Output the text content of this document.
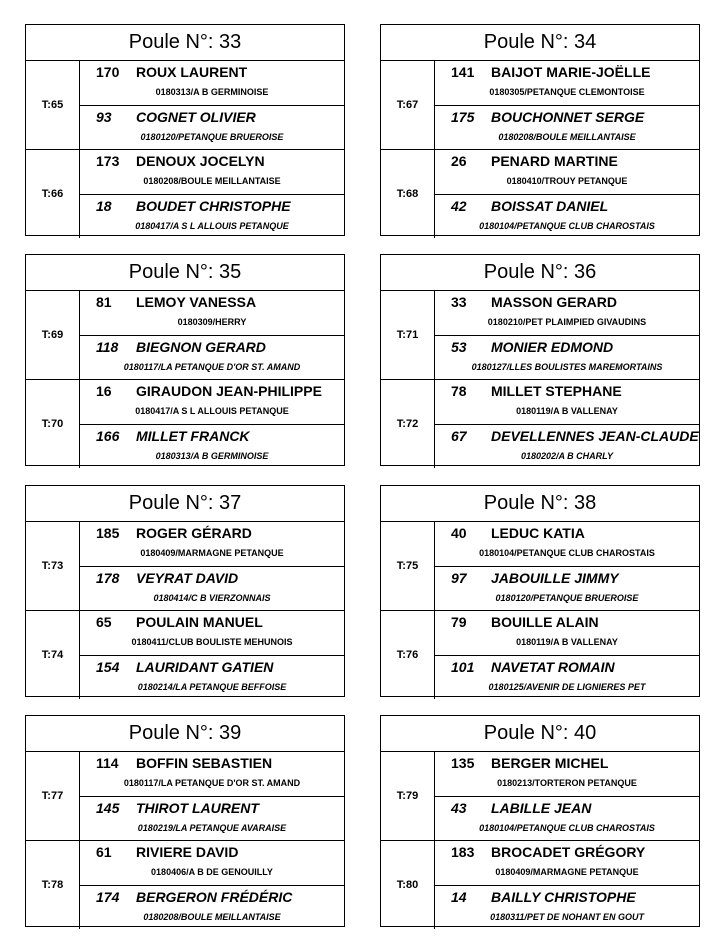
Poule N°: 33
T:65
170 ROUX LAURENT
0180313/A B GERMINOISE
93 COGNET OLIVIER
0180120/PETANQUE BRUEROISE
T:66
173 DENOUX JOCELYN
0180208/BOULE MEILLANTAISE
18 BOUDET CHRISTOPHE
0180417/A S L ALLOUIS PETANQUE
Poule N°: 34
T:67
141 BAIJOT MARIE-JOËLLE
0180305/PETANQUE CLEMONTOISE
175 BOUCHONNET SERGE
0180208/BOULE MEILLANTAISE
T:68
26 PENARD MARTINE
0180410/TROUY PETANQUE
42 BOISSAT DANIEL
0180104/PETANQUE CLUB CHAROSTAIS
Poule N°: 35
T:69
81 LEMOY VANESSA
0180309/HERRY
118 BIEGNON GERARD
0180117/LA PETANQUE D'OR ST. AMAND
T:70
16 GIRAUDON JEAN-PHILIPPE
0180417/A S L ALLOUIS PETANQUE
166 MILLET FRANCK
0180313/A B GERMINOISE
Poule N°: 36
T:71
33 MASSON GERARD
0180210/PET PLAIMPIED GIVAUDINS
53 MONIER EDMOND
0180127/LLES BOULISTES MAREMORTAINS
T:72
78 MILLET STEPHANE
0180119/A B VALLENAY
67 DEVELLENNES JEAN-CLAUDE
0180202/A B CHARLY
Poule N°: 37
T:73
185 ROGER GÉRARD
0180409/MARMAGNE PETANQUE
178 VEYRAT DAVID
0180414/C B VIERZONNAIS
T:74
65 POULAIN MANUEL
0180411/CLUB BOULISTE MEHUNOIS
154 LAURIDANT GATIEN
0180214/LA PETANQUE BEFFOISE
Poule N°: 38
T:75
40 LEDUC KATIA
0180104/PETANQUE CLUB CHAROSTAIS
97 JABOUILLE JIMMY
0180120/PETANQUE BRUEROISE
T:76
79 BOUILLE ALAIN
0180119/A B VALLENAY
101 NAVETAT ROMAIN
0180125/AVENIR DE LIGNIERES PET
Poule N°: 39
T:77
114 BOFFIN SEBASTIEN
0180117/LA PETANQUE D'OR ST. AMAND
145 THIROT LAURENT
0180219/LA PETANQUE AVARAISE
T:78
61 RIVIERE DAVID
0180406/A B DE GENOUILLY
174 BERGERON FRÉDÉRIC
0180208/BOULE MEILLANTAISE
Poule N°: 40
T:79
135 BERGER MICHEL
0180213/TORTERON PETANQUE
43 LABILLE JEAN
0180104/PETANQUE CLUB CHAROSTAIS
T:80
183 BROCADET GRÉGORY
0180409/MARMAGNE PETANQUE
14 BAILLY CHRISTOPHE
0180311/PET DE NOHANT EN GOUT
